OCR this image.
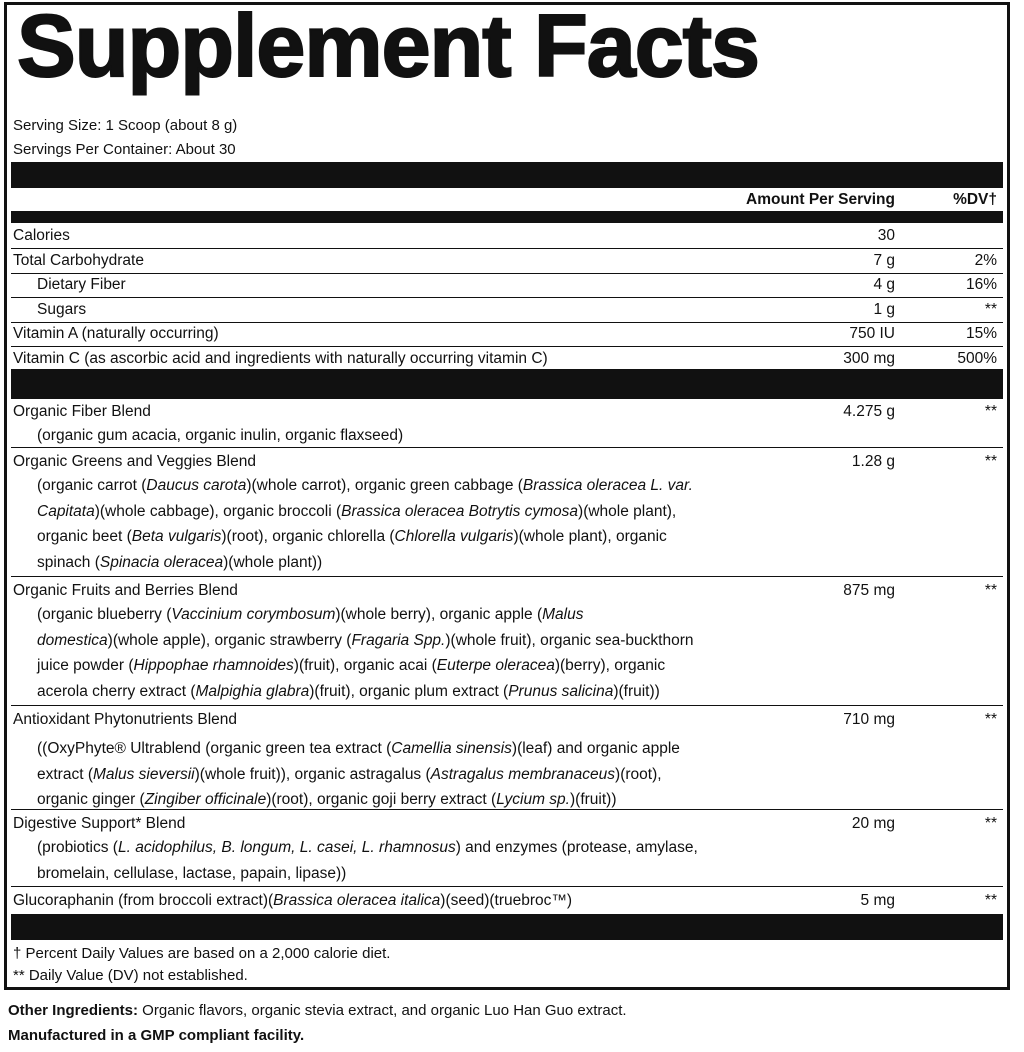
Supplement Facts
Serving Size: 1 Scoop (about 8 g)
Servings Per Container: About 30
Amount Per Serving	%DV†
Calories	30
Total Carbohydrate	7 g	2%
Dietary Fiber	4 g	16%
Sugars	1 g	**
Vitamin A (naturally occurring)	750 IU	15%
Vitamin C (as ascorbic acid and ingredients with naturally occurring vitamin C)	300 mg	500%
Organic Fiber Blend	4.275 g	**
(organic gum acacia, organic inulin, organic flaxseed)
Organic Greens and Veggies Blend	1.28 g	**
(organic carrot (Daucus carota)(whole carrot), organic green cabbage (Brassica oleracea L. var.
Capitata)(whole cabbage), organic broccoli (Brassica oleracea Botrytis cymosa)(whole plant),
organic beet (Beta vulgaris)(root), organic chlorella (Chlorella vulgaris)(whole plant), organic
spinach (Spinacia oleracea)(whole plant))
Organic Fruits and Berries Blend	875 mg	**
(organic blueberry (Vaccinium corymbosum)(whole berry), organic apple (Malus
domestica)(whole apple), organic strawberry (Fragaria Spp.)(whole fruit), organic sea-buckthorn
juice powder (Hippophae rhamnoides)(fruit), organic acai (Euterpe oleracea)(berry), organic
acerola cherry extract (Malpighia glabra)(fruit), organic plum extract (Prunus salicina)(fruit))
Antioxidant Phytonutrients Blend	710 mg	**
((OxyPhyte® Ultrablend (organic green tea extract (Camellia sinensis)(leaf) and organic apple
extract (Malus sieversii)(whole fruit)), organic astragalus (Astragalus membranaceus)(root),
organic ginger (Zingiber officinale)(root), organic goji berry extract (Lycium sp.)(fruit))
Digestive Support* Blend	20 mg	**
(probiotics (L. acidophilus, B. longum, L. casei, L. rhamnosus) and enzymes (protease, amylase,
bromelain, cellulase, lactase, papain, lipase))
Glucoraphanin (from broccoli extract)(Brassica oleracea italica)(seed)(truebroc™)	5 mg	**
† Percent Daily Values are based on a 2,000 calorie diet.
** Daily Value (DV) not established.
Other Ingredients: Organic flavors, organic stevia extract, and organic Luo Han Guo extract.
Manufactured in a GMP compliant facility.
